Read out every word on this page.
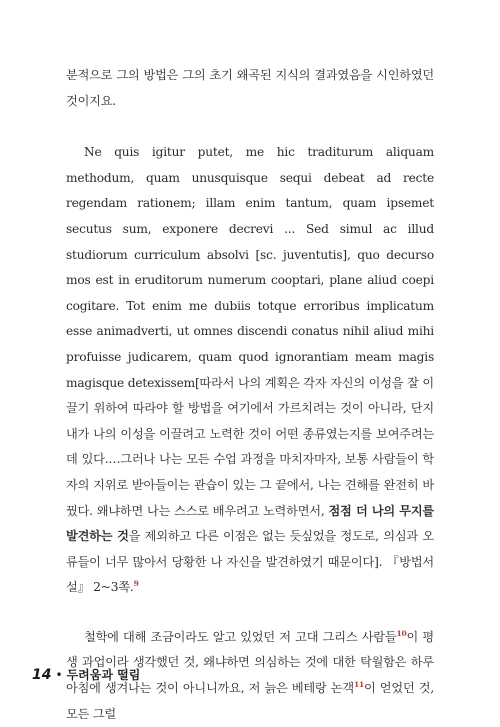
분적으로 그의 방법은 그의 초기 왜곡된 지식의 결과였음을 시인하였던 것이지요.

Ne quis igitur putet, me hic traditurum aliquam methodum, quam unusquisque sequi debeat ad recte regendam rationem; illam enim tantum, quam ipsemet secutus sum, exponere decrevi ... Sed simul ac illud studiorum curriculum absolvi [sc. juventutis], quo decurso mos est in eruditorum numerum cooptari, plane aliud coepi cogitare. Tot enim me dubiis totque erroribus implicatum esse animadverti, ut omnes discendi conatus nihil aliud mihi profuisse judicarem, quam quod ignorantiam meam magis magisque detexissem[따라서 나의 계획은 각자 자신의 이성을 잘 이끌기 위하여 따라야 할 방법을 여기에서 가르치려는 것이 아니라, 단지 내가 나의 이성을 이끌려고 노력한 것이 어떤 종류였는지를 보여주려는 데 있다.…그러나 나는 모든 수업 과정을 마치자마자, 보통 사람들이 학자의 지위로 받아들이는 관습이 있는 그 끝에서, 나는 견해를 완전히 바꿨다. 왜냐하면 나는 스스로 배우려고 노력하면서, 점점 더 나의 무지를 발견하는 것을 제외하고 다른 이점은 없는 듯싶었을 정도로, 의심과 오류들이 너무 많아서 당황한 나 자신을 발견하였기 때문이다]. 『방법서설』 2~3쪽.$^9$

철학에 대해 조금이라도 알고 있었던 저 고대 그리스 사람들$^{10}$이 평생 과업이라 생각했던 것, 왜냐하면 의심하는 것에 대한 탁월함은 하루아침에 생겨나는 것이 아니니까요, 저 늙은 베테랑 논객$^{11}$이 얻었던 것, 모든 그럴

14 • 두려움과 떨림
